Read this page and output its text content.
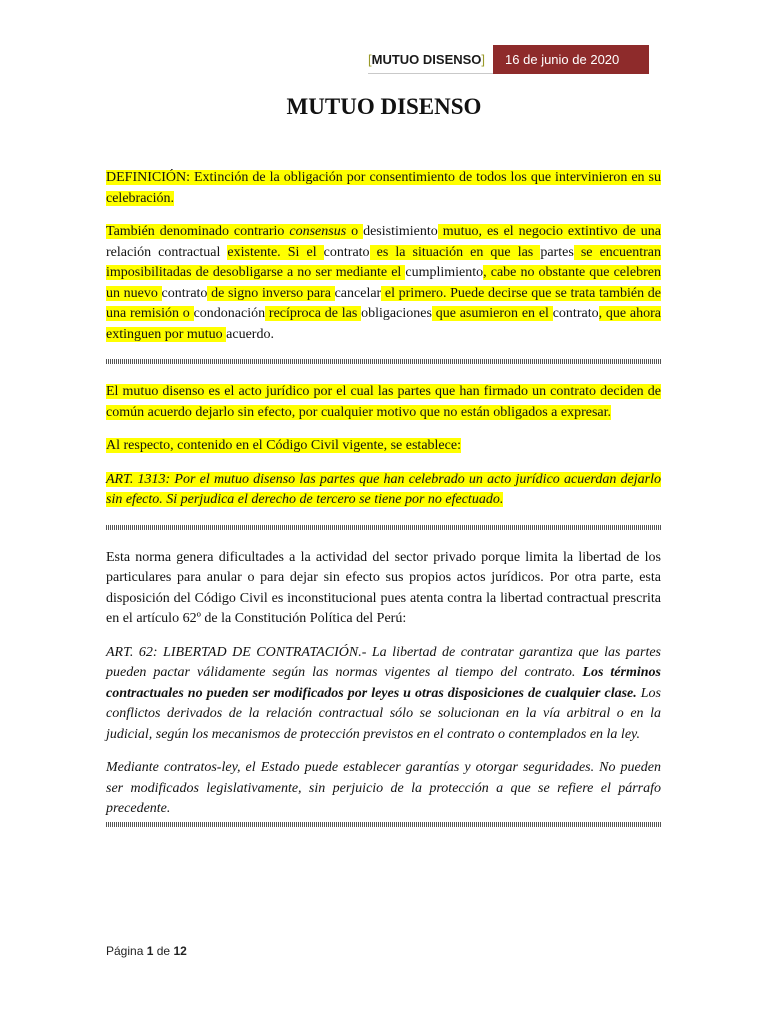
[ MUTUO DISENSO ]	16 de junio de 2020
MUTUO DISENSO

DEFINICIÓN: Extinción de la obligación por consentimiento de todos los que intervinieron en su celebración.

También denominado contrario consensus o desistimiento mutuo, es el negocio extintivo de una relación contractual existente. Si el contrato es la situación en que las partes se encuentran imposibilitadas de desobligarse a no ser mediante el cumplimiento, cabe no obstante que celebren un nuevo contrato de signo inverso para cancelar el primero. Puede decirse que se trata también de una remisión o condonación recíproca de las obligaciones que asumieron en el contrato, que ahora extinguen por mutuo acuerdo.

El mutuo disenso es el acto jurídico por el cual las partes que han firmado un contrato deciden de común acuerdo dejarlo sin efecto, por cualquier motivo que no están obligados a expresar.

Al respecto, contenido en el Código Civil vigente, se establece:

ART. 1313: Por el mutuo disenso las partes que han celebrado un acto jurídico acuerdan dejarlo sin efecto. Si perjudica el derecho de tercero se tiene por no efectuado.

Esta norma genera dificultades a la actividad del sector privado porque limita la libertad de los particulares para anular o para dejar sin efecto sus propios actos jurídicos. Por otra parte, esta disposición del Código Civil es inconstitucional pues atenta contra la libertad contractual prescrita en el artículo 62º de la Constitución Política del Perú:

ART. 62: LIBERTAD DE CONTRATACIÓN.- La libertad de contratar garantiza que las partes pueden pactar válidamente según las normas vigentes al tiempo del contrato. Los términos contractuales no pueden ser modificados por leyes u otras disposiciones de cualquier clase. Los conflictos derivados de la relación contractual sólo se solucionan en la vía arbitral o en la judicial, según los mecanismos de protección previstos en el contrato o contemplados en la ley.

Mediante contratos-ley, el Estado puede establecer garantías y otorgar seguridades. No pueden ser modificados legislativamente, sin perjuicio de la protección a que se refiere el párrafo precedente.

Página 1 de 12
